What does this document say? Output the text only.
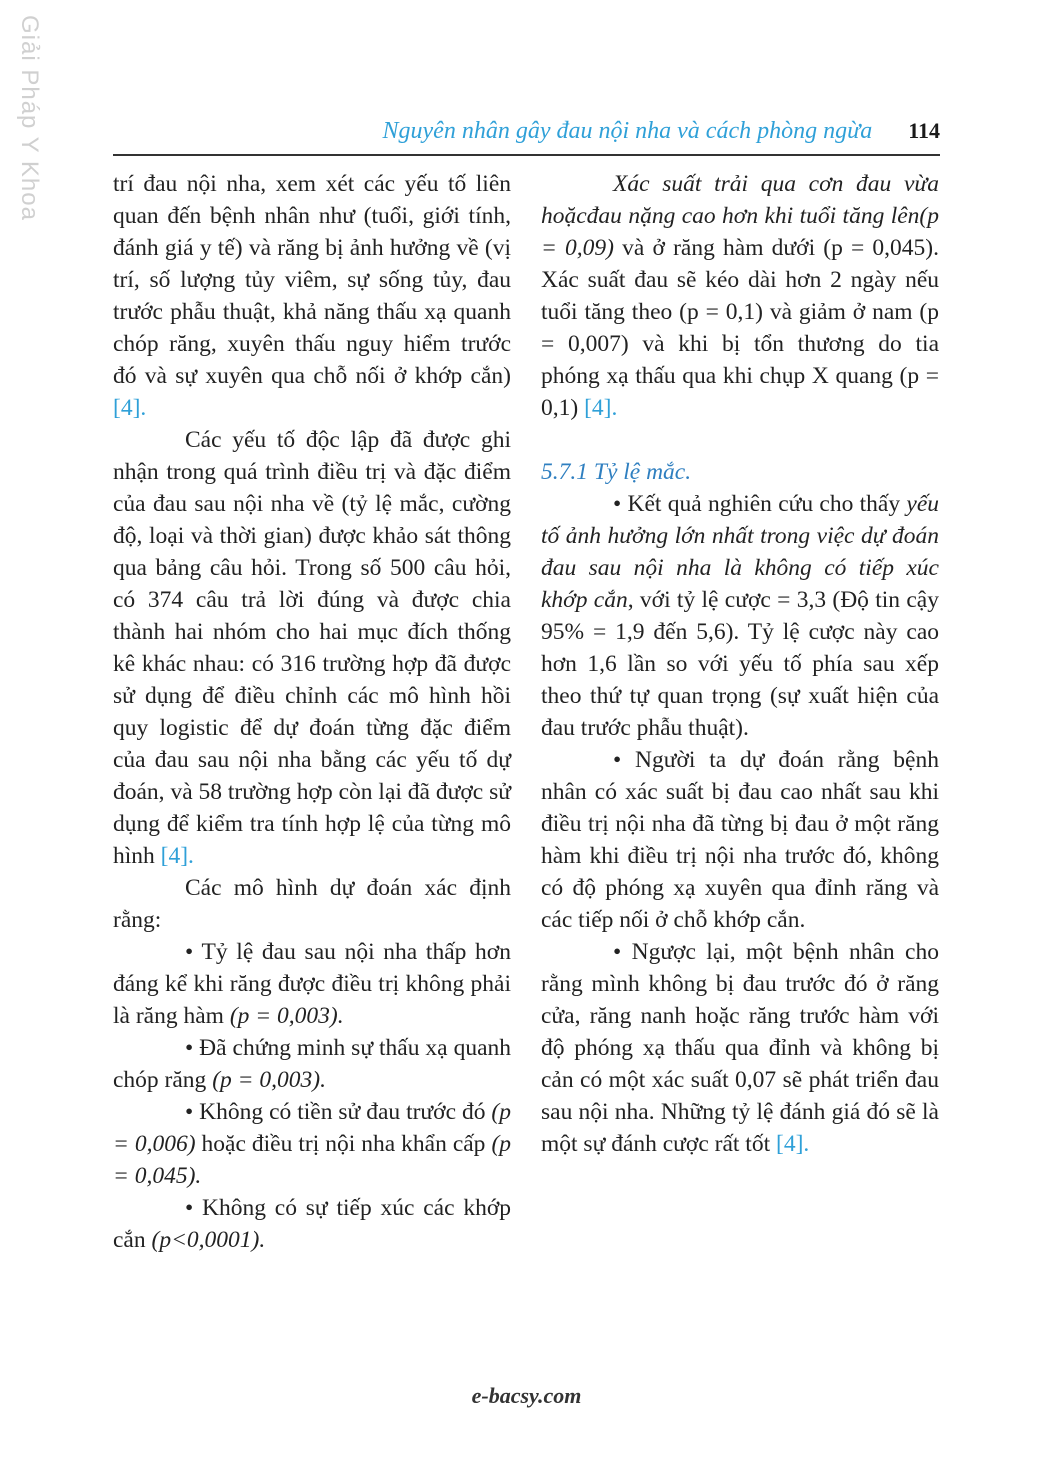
Giải Pháp Y Khoa	Nguyên nhân gây đau nội nha và cách phòng ngừa 114

trí đau nội nha, xem xét các yếu tố liên quan đến bệnh nhân như (tuổi, giới tính, đánh giá y tế) và răng bị ảnh hưởng về (vị trí, số lượng tủy viêm, sự sống tủy, đau trước phẫu thuật, khả năng thấu xạ quanh chóp răng, xuyên thấu nguy hiểm trước đó và sự xuyên qua chỗ nối ở khớp cắn) [4].

Các yếu tố độc lập đã được ghi nhận trong quá trình điều trị và đặc điểm của đau sau nội nha về (tỷ lệ mắc, cường độ, loại và thời gian) được khảo sát thông qua bảng câu hỏi. Trong số 500 câu hỏi, có 374 câu trả lời đúng và được chia thành hai nhóm cho hai mục đích thống kê khác nhau: có 316 trường hợp đã được sử dụng để điều chỉnh các mô hình hồi quy logistic để dự đoán từng đặc điểm của đau sau nội nha bằng các yếu tố dự đoán, và 58 trường hợp còn lại đã được sử dụng để kiểm tra tính hợp lệ của từng mô hình [4].

Các mô hình dự đoán xác định rằng:

• Tỷ lệ đau sau nội nha thấp hơn đáng kể khi răng được điều trị không phải là răng hàm (p = 0,003).

• Đã chứng minh sự thấu xạ quanh chóp răng (p = 0,003).

• Không có tiền sử đau trước đó (p = 0,006) hoặc điều trị nội nha khẩn cấp (p = 0,045).

• Không có sự tiếp xúc các khớp cắn (p<0,0001).

Xác suất trải qua cơn đau vừa hoặcđau nặng cao hơn khi tuổi tăng lên(p = 0,09) và ở răng hàm dưới (p = 0,045). Xác suất đau sẽ kéo dài hơn 2 ngày nếu tuổi tăng theo (p = 0,1) và giảm ở nam (p = 0,007) và khi bị tổn thương do tia phóng xạ thấu qua khi chụp X quang (p = 0,1) [4].

5.7.1 Tỷ lệ mắc.

• Kết quả nghiên cứu cho thấy yếu tố ảnh hưởng lớn nhất trong việc dự đoán đau sau nội nha là không có tiếp xúc khớp cắn, với tỷ lệ cược = 3,3 (Độ tin cậy 95% = 1,9 đến 5,6). Tỷ lệ cược này cao hơn 1,6 lần so với yếu tố phía sau xếp theo thứ tự quan trọng (sự xuất hiện của đau trước phẫu thuật).

• Người ta dự đoán rằng bệnh nhân có xác suất bị đau cao nhất sau khi điều trị nội nha đã từng bị đau ở một răng hàm khi điều trị nội nha trước đó, không có độ phóng xạ xuyên qua đỉnh răng và các tiếp nối ở chỗ khớp cắn.

• Ngược lại, một bệnh nhân cho rằng mình không bị đau trước đó ở răng cửa, răng nanh hoặc răng trước hàm với độ phóng xạ thấu qua đỉnh và không bị cản có một xác suất 0,07 sẽ phát triển đau sau nội nha. Những tỷ lệ đánh giá đó sẽ là một sự đánh cược rất tốt [4].

e-bacsy.com
